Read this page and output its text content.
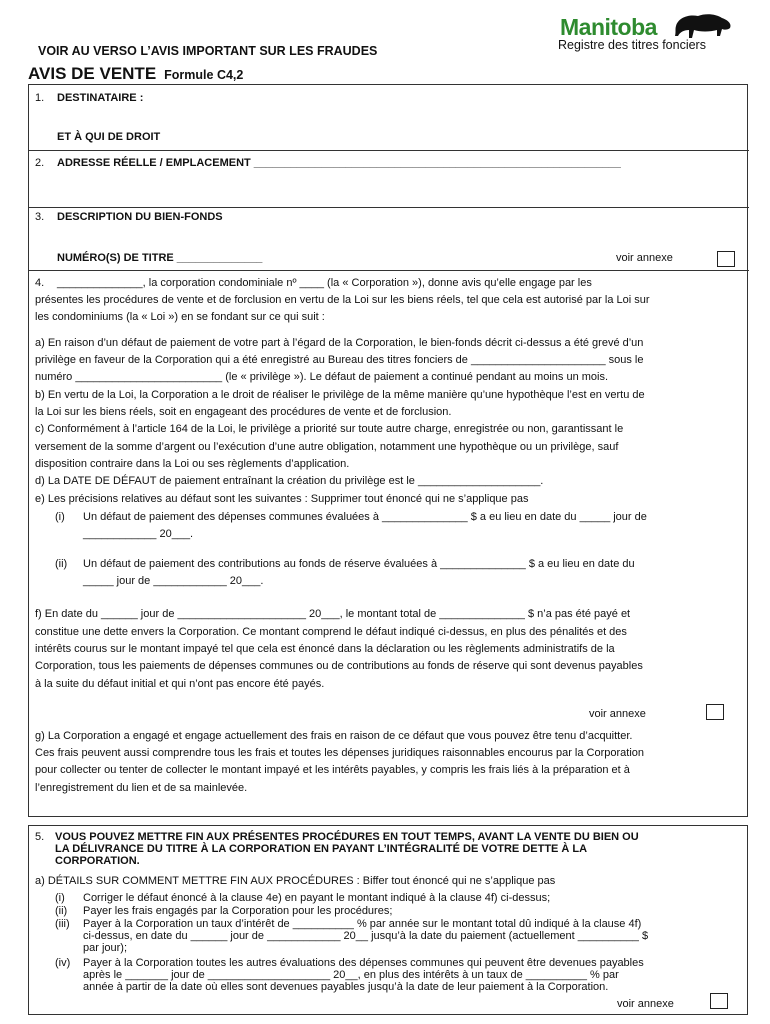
Manitoba
Registre des titres fonciers
VOIR AU VERSO L’AVIS IMPORTANT SUR LES FRAUDES
AVIS DE VENTE Formule C4,2
1. DESTINATAIRE :
ET À QUI DE DROIT
2. ADRESSE RÉELLE / EMPLACEMENT ____________________________________________________________
3. DESCRIPTION DU BIEN-FONDS
NUMÉRO(S) DE TITRE ______________	voir annexe
4. ______________, la corporation condominiale nº ____ (la « Corporation »), donne avis qu’elle engage par les
présentes les procédures de vente et de forclusion en vertu de la Loi sur les biens réels, tel que cela est autorisé par la Loi sur
les condominiums (la « Loi ») en se fondant sur ce qui suit :
a) En raison d’un défaut de paiement de votre part à l’égard de la Corporation, le bien-fonds décrit ci-dessus a été grevé d’un
privilège en faveur de la Corporation qui a été enregistré au Bureau des titres fonciers de ______________________ sous le
numéro ________________________ (le « privilège »). Le défaut de paiement a continué pendant au moins un mois.
b) En vertu de la Loi, la Corporation a le droit de réaliser le privilège de la même manière qu’une hypothèque l’est en vertu de
la Loi sur les biens réels, soit en engageant des procédures de vente et de forclusion.
c) Conformément à l’article 164 de la Loi, le privilège a priorité sur toute autre charge, enregistrée ou non, garantissant le
versement de la somme d’argent ou l’exécution d’une autre obligation, notamment une hypothèque ou un privilège, sauf
disposition contraire dans la Loi ou ses règlements d’application.
d) La DATE DE DÉFAUT de paiement entraînant la création du privilège est le ____________________.
e) Les précisions relatives au défaut sont les suivantes : Supprimer tout énoncé qui ne s’applique pas
(i) Un défaut de paiement des dépenses communes évaluées à ______________ $ a eu lieu en date du _____ jour de
____________ 20___.
(ii) Un défaut de paiement des contributions au fonds de réserve évaluées à ______________ $ a eu lieu en date du
_____ jour de ____________ 20___.
f) En date du ______ jour de _____________________ 20___, le montant total de ______________ $ n’a pas été payé et
constitue une dette envers la Corporation. Ce montant comprend le défaut indiqué ci-dessus, en plus des pénalités et des
intérêts courus sur le montant impayé tel que cela est énoncé dans la déclaration ou les règlements administratifs de la
Corporation, tous les paiements de dépenses communes ou de contributions au fonds de réserve qui sont devenus payables
à la suite du défaut initial et qui n’ont pas encore été payés.
voir annexe
g) La Corporation a engagé et engage actuellement des frais en raison de ce défaut que vous pouvez être tenu d’acquitter.
Ces frais peuvent aussi comprendre tous les frais et toutes les dépenses juridiques raisonnables encourus par la Corporation
pour collecter ou tenter de collecter le montant impayé et les intérêts payables, y compris les frais liés à la préparation et à
l’enregistrement du lien et de sa mainlevée.
5. VOUS POUVEZ METTRE FIN AUX PRÉSENTES PROCÉDURES EN TOUT TEMPS, AVANT LA VENTE DU BIEN OU
LA DÉLIVRANCE DU TITRE À LA CORPORATION EN PAYANT L’INTÉGRALITÉ DE VOTRE DETTE À LA
CORPORATION.
a) DÉTAILS SUR COMMENT METTRE FIN AUX PROCÉDURES : Biffer tout énoncé qui ne s’applique pas
(i) Corriger le défaut énoncé à la clause 4e) en payant le montant indiqué à la clause 4f) ci-dessus;
(ii) Payer les frais engagés par la Corporation pour les procédures;
(iii) Payer à la Corporation un taux d’intérêt de __________ % par année sur le montant total dû indiqué à la clause 4f)
ci-dessus, en date du ______ jour de ____________ 20__ jusqu’à la date du paiement (actuellement __________ $
par jour);
(iv) Payer à la Corporation toutes les autres évaluations des dépenses communes qui peuvent être devenues payables
après le _______ jour de ____________________ 20__, en plus des intérêts à un taux de __________ % par
année à partir de la date où elles sont devenues payables jusqu’à la date de leur paiement à la Corporation.
voir annexe
